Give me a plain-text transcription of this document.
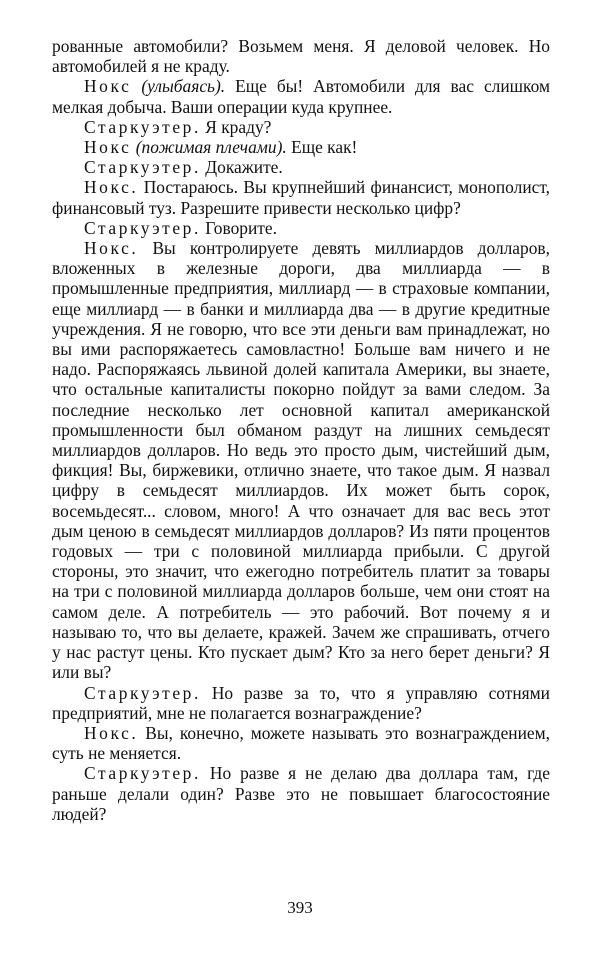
рованные автомобили? Возьмем меня. Я деловой человек. Но автомобилей я не краду.

Нокс (улыбаясь). Еще бы! Автомобили для вас слишком мелкая добыча. Ваши операции куда крупнее.

Старкуэтер. Я краду?

Нокс (пожимая плечами). Еще как!

Старкуэтер. Докажите.

Нокс. Постараюсь. Вы крупнейший финансист, монополист, финансовый туз. Разрешите привести несколько цифр?

Старкуэтер. Говорите.

Нокс. Вы контролируете девять миллиардов долларов, вложенных в железные дороги, два миллиарда — в промышленные предприятия, миллиард — в страховые компании, еще миллиард — в банки и миллиарда два — в другие кредитные учреждения. Я не говорю, что все эти деньги вам принадлежат, но вы ими распоряжаетесь самовластно! Больше вам ничего и не надо. Распоряжаясь львиной долей капитала Америки, вы знаете, что остальные капиталисты покорно пойдут за вами следом. За последние несколько лет основной капитал американской промышленности был обманом раздут на лишних семьдесят миллиардов долларов. Но ведь это просто дым, чистейший дым, фикция! Вы, биржевики, отлично знаете, что такое дым. Я назвал цифру в семьдесят миллиардов. Их может быть сорок, восемьдесят... словом, много! А что означает для вас весь этот дым ценою в семьдесят миллиардов долларов? Из пяти процентов годовых — три с половиной миллиарда прибыли. С другой стороны, это значит, что ежегодно потребитель платит за товары на три с половиной миллиарда долларов больше, чем они стоят на самом деле. А потребитель — это рабочий. Вот почему я и называю то, что вы делаете, кражей. Зачем же спрашивать, отчего у нас растут цены. Кто пускает дым? Кто за него берет деньги? Я или вы?

Старкуэтер. Но разве за то, что я управляю сотнями предприятий, мне не полагается вознаграждение?

Нокс. Вы, конечно, можете называть это вознаграждением, суть не меняется.

Старкуэтер. Но разве я не делаю два доллара там, где раньше делали один? Разве это не повышает благосостояние людей?

393
